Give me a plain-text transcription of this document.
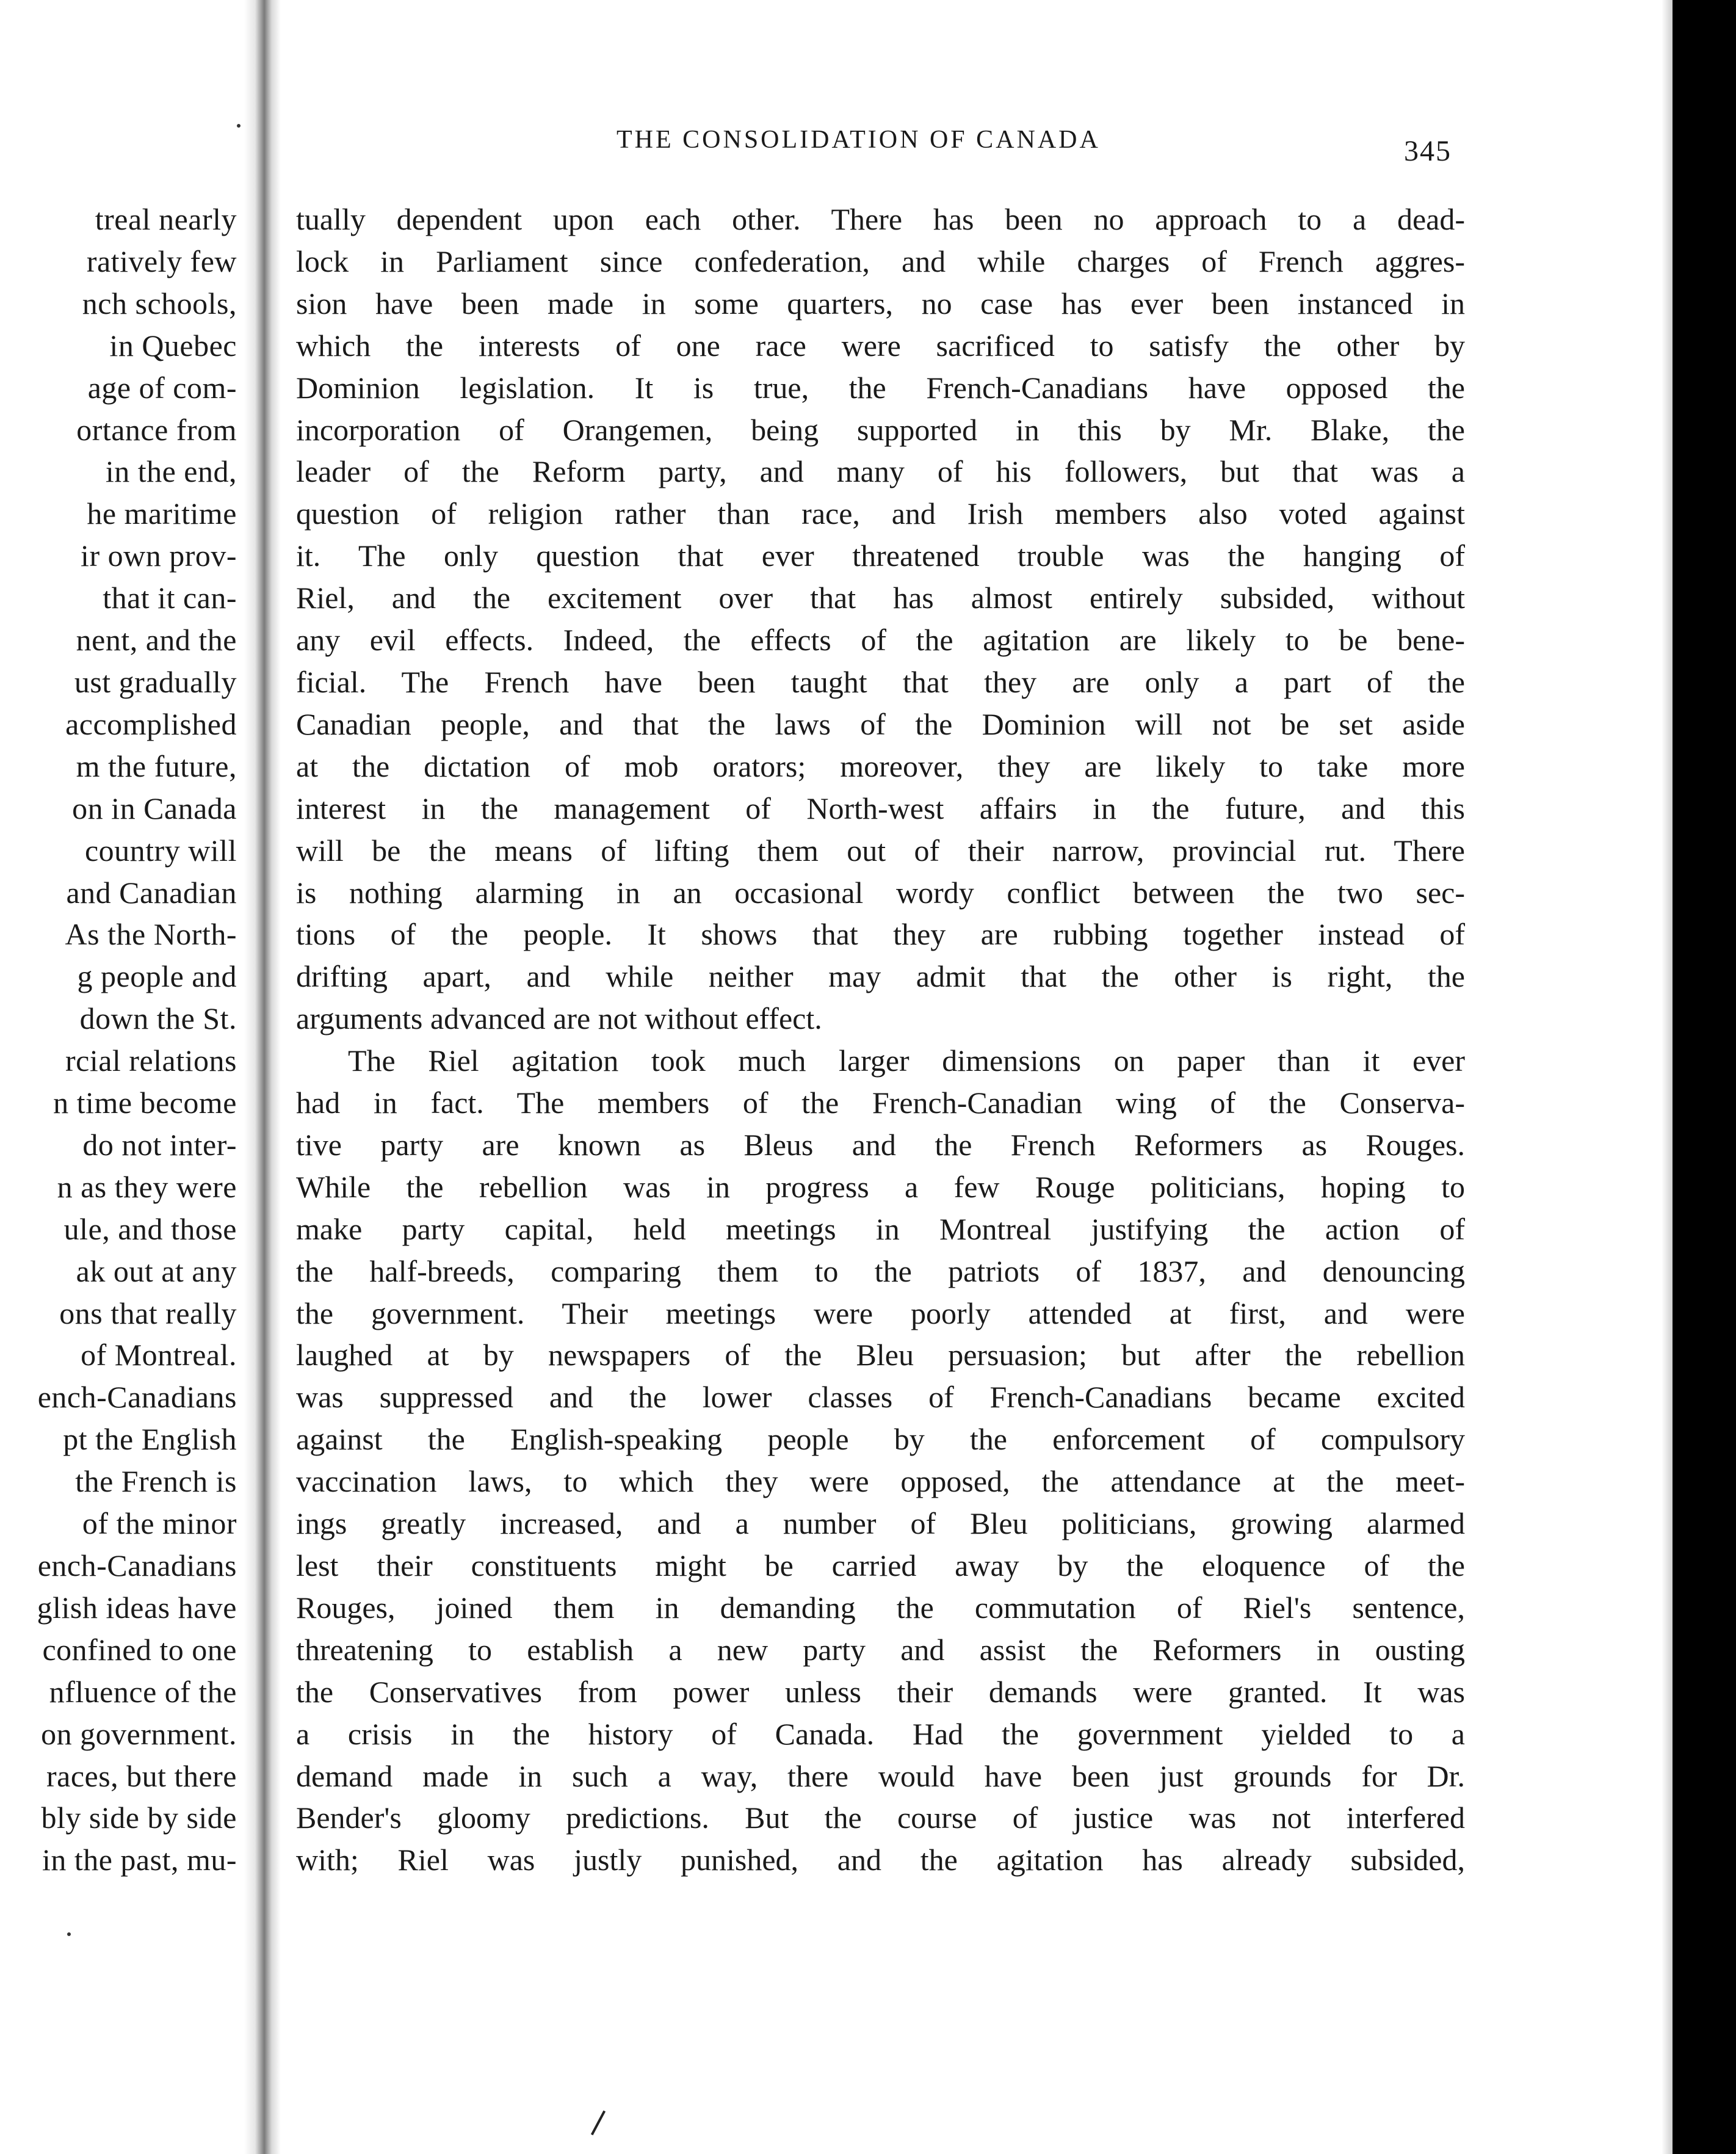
treal nearly
ratively few
nch schools,
in Quebec
age of com-
ortance from
in the end,
he maritime
ir own prov-
that it can-
nent, and the
ust gradually
accomplished
m the future,
on in Canada
country will
and Canadian
As the North-
g people and
down the St.
rcial relations
n time become
do not inter-
n as they were
ule, and those
ak out at any
ons that really
of Montreal.
ench-Canadians
pt the English
the French is
of the minor
ench-Canadians
glish ideas have
confined to one
nfluence of the
on government.
races, but there
bly side by side
in the past, mu-
THE CONSOLIDATION OF CANADA	345
tually dependent upon each other. There has been no approach to a dead-
lock in Parliament since confederation, and while charges of French aggres-
sion have been made in some quarters, no case has ever been instanced in
which the interests of one race were sacrificed to satisfy the other by
Dominion legislation. It is true, the French-Canadians have opposed the
incorporation of Orangemen, being supported in this by Mr. Blake, the
leader of the Reform party, and many of his followers, but that was a
question of religion rather than race, and Irish members also voted against
it. The only question that ever threatened trouble was the hanging of
Riel, and the excitement over that has almost entirely subsided, without
any evil effects. Indeed, the effects of the agitation are likely to be bene-
ficial. The French have been taught that they are only a part of the
Canadian people, and that the laws of the Dominion will not be set aside
at the dictation of mob orators; moreover, they are likely to take more
interest in the management of North-west affairs in the future, and this
will be the means of lifting them out of their narrow, provincial rut. There
is nothing alarming in an occasional wordy conflict between the two sec-
tions of the people. It shows that they are rubbing together instead of
drifting apart, and while neither may admit that the other is right, the
arguments advanced are not without effect.
The Riel agitation took much larger dimensions on paper than it ever
had in fact. The members of the French-Canadian wing of the Conserva-
tive party are known as Bleus and the French Reformers as Rouges.
While the rebellion was in progress a few Rouge politicians, hoping to
make party capital, held meetings in Montreal justifying the action of
the half-breeds, comparing them to the patriots of 1837, and denouncing
the government. Their meetings were poorly attended at first, and were
laughed at by newspapers of the Bleu persuasion; but after the rebellion
was suppressed and the lower classes of French-Canadians became excited
against the English-speaking people by the enforcement of compulsory
vaccination laws, to which they were opposed, the attendance at the meet-
ings greatly increased, and a number of Bleu politicians, growing alarmed
lest their constituents might be carried away by the eloquence of the
Rouges, joined them in demanding the commutation of Riel's sentence,
threatening to establish a new party and assist the Reformers in ousting
the Conservatives from power unless their demands were granted. It was
a crisis in the history of Canada. Had the government yielded to a
demand made in such a way, there would have been just grounds for Dr.
Bender's gloomy predictions. But the course of justice was not interfered
with; Riel was justly punished, and the agitation has already subsided,
